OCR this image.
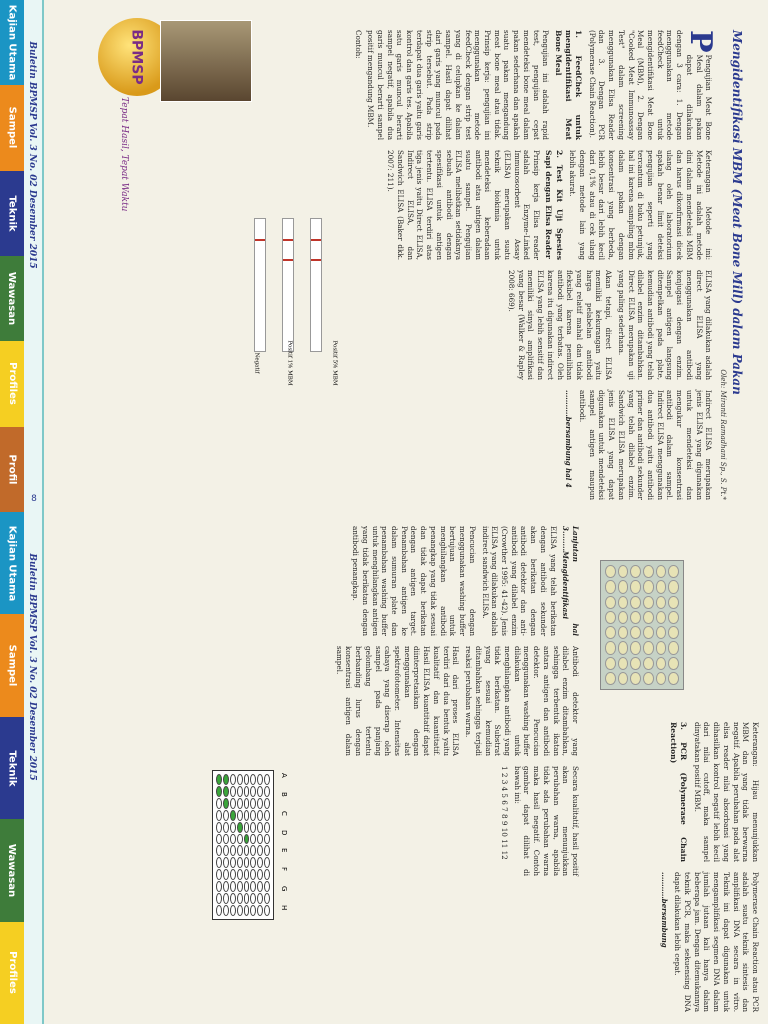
Kajian Utama
Sampel
Teknik
Wawasan
Profiles
Profil
Buletin BPMSP Vol. 3 No. 02 Desember 2015
8
BPMSP
Tepat Hasil, Tepat Waktu
Negatif	Positif 1% MBM	Positif 5% MBM	Mengidentifikasi MBM (Meat Bone Mill) dalam Pakan
Oleh: Miranti Ramadhani Sp., S. Pt.*

P
Pengujian Meat Bone Meal dalam pakan dapat dilakukan dengan 3 cara: 1. Dengan menggunakan metode feedCheck untuk mengidentifikasi Meat Bone Meal (MBM), 2. Dengan "Cooked Meat Immunoassay Test" dalam screening menggunakan Elisa Reader dan 3. Dengan PCR (Polymerase Chain Reaction).

1. FeedChek untuk mengidentifikasi Meat Bone Meal

Pengujian ini adalah rapid test, pengujian cepat mendeteksi bone meal dalam pakan sederhana dan apakah suatu pakan mengandung meat bone meal atau tidak. Prinsip kerja: pengujian ini menggunakan metode feedCheck dengan strip test yang di celupkan ke dalam sampel. Hasil dapat dilihat dari garis yang muncul pada strip tersebut. Pada strip terdapat dua garis yaitu garis kontrol dan garis tes. Apabila satu garis muncul berarti sampel negatif, apabila dua garis muncul berarti sampel positif mengandung MBM.

Contoh:

Keterangan Metode ini: Metode ini adalah metode dini dalam mendeteksi MBM dan harus dikonfirmasi dicek ulang oleh laboratorium apakah benar limit deteksi pengujian seperti yang tercantum di buku petunjuk, hal ini karena sampling mbm dalam pakan dengan konsentrasi yang berbeda, lebih besar dari lebih kecil dari 0,1% atau di cek ulang dengan metode lain yang lebih akurat.

2. Test Kit Uji Spesies Sapi dengan Elisa Reader

Prinsip kerja Elisa reader adalah Enzyme-Linked Immunosorbent Assay (ELISA) merupakan suatu teknik biokimia untuk mendeteksi keberadaan antibodi atau antigen dalam suatu sampel. Pengujian ELISA melibatkan setidaknya sebuah antibodi dengan spesifikasi untuk antigen tertentu. ELISA terdiri atas tiga jenis yaitu Direct ELISA, Indirect ELISA, dan Sandwich ELISA (Baker dkk. 2007: 211).

ELISA yang dilakukan adalah direct ELISA yang menggunakan antibodi konjugasi dengan enzim. Sampel antigen langsung ditempelkan pada plate, kemudian antibodi yang telah dilabel enzim ditambahkan. Direct ELISA merupakan uji yang paling sederhana.

Akan tetapi, direct ELISA memiliki kekurangan yaitu harga pelabelan antibodi yang relatif mahal dan tidak fleksibel karena pemilihan antibodi yang terbatas. Oleh karena itu digunakan indirect ELISA yang lebih sensitif dan memiliki sinyal amplifikasi yang besar (Walker & Rapley 2008: 669).

Indirect ELISA merupakan jenis ELISA yang digunakan untuk mendeteksi dan mengukur konsentrasi antibodi dalam sampel. Indirect ELISA menggunakan dua antibodi yaitu antibodi primer dan antibodi sekunder yang telah dilabel enzim. Sandwich ELISA merupakan jenis ELISA yang dapat digunakan untuk mendeteksi sampel antigen maupun antibodi.

...........bersambung hal 4
Kajian Utama
Sampel
Teknik
Wawasan
Profiles
Buletin BPMSP Vol. 3 No. 02 Desember 2015	Lanjutan hal 3........Mengidentifikasi

ELISA yang telah berikatan dengan antibodi sekunder akan berikatan dengan antibodi detektor dan anti-antibodi yang dilabel enzim (Crowther 1995: 41-42). Jenis ELISA yang dilakukan adalah indirect sandwich ELISA.

Pencucian dengan menggunakan washing buffer bertujuan untuk menghilangkan antibodi penangkap yang tidak sesuai dan tidak dapat berikatan dengan antigen target. Penambahan antigen ke dalam sumuran plate dan penambahan washing buffer untuk menghilangkan antigen yang tidak berikatan dengan antibodi penangkap.

Antibodi detektor yang dilabel enzim ditambahkan, sehingga terbentuk ikatan antara antigen dan antibodi detektor. Pencucian menggunakan washing buffer dilakukan untuk menghilangkan antibodi yang tidak berikatan. Substrat yang sesuai kemudian ditambahkan sehingga terjadi reaksi perubahan warna.

Hasil dari proses ELISA terdiri dari dua bentuk yaitu kualitatif dan kuantitatif. Hasil ELISA kuantitatif dapat diinterpretasikan dengan menggunakan alat spektrofotometer. Intensitas cahaya yang diserap oleh sampel pada panjang gelombang tertentu berbanding lurus dengan konsentrasi antigen dalam sampel.

Secara kualitatif, hasil positif akan menunjukkan perubahan warna, apabila tidak ada perubahan warna maka hasil negatif. Contoh gambar dapat dilihat di bawah ini:

1 2 3 4 5 6 7 8 9 10 11 12	Keterangan: Hijau menunjukkan MBM dan yang tidak berwarna negatif. Apabila perubahan pada alat elisa reader nilai absorbansi yang dihasilkan kontrol negatif lebih kecil dari nilai cutoff, maka sampel dinyatakan positif MBM.

3. PCR (Polymerase Chain Reaction)

Polymerase Chain Reaction atau PCR adalah suatu teknik sintesis dan amplifikasi DNA secara in vitro. Teknik ini dapat digunakan untuk mengamplifikasi segmen DNA dalam jumlah jutaan kali hanya dalam beberapa jam. Dengan ditemukannya teknik PCR, maka sekuensing DNA dapat dilakukan lebih cepat.

...........bersambung
A
B
C
D
E
F
G
H
